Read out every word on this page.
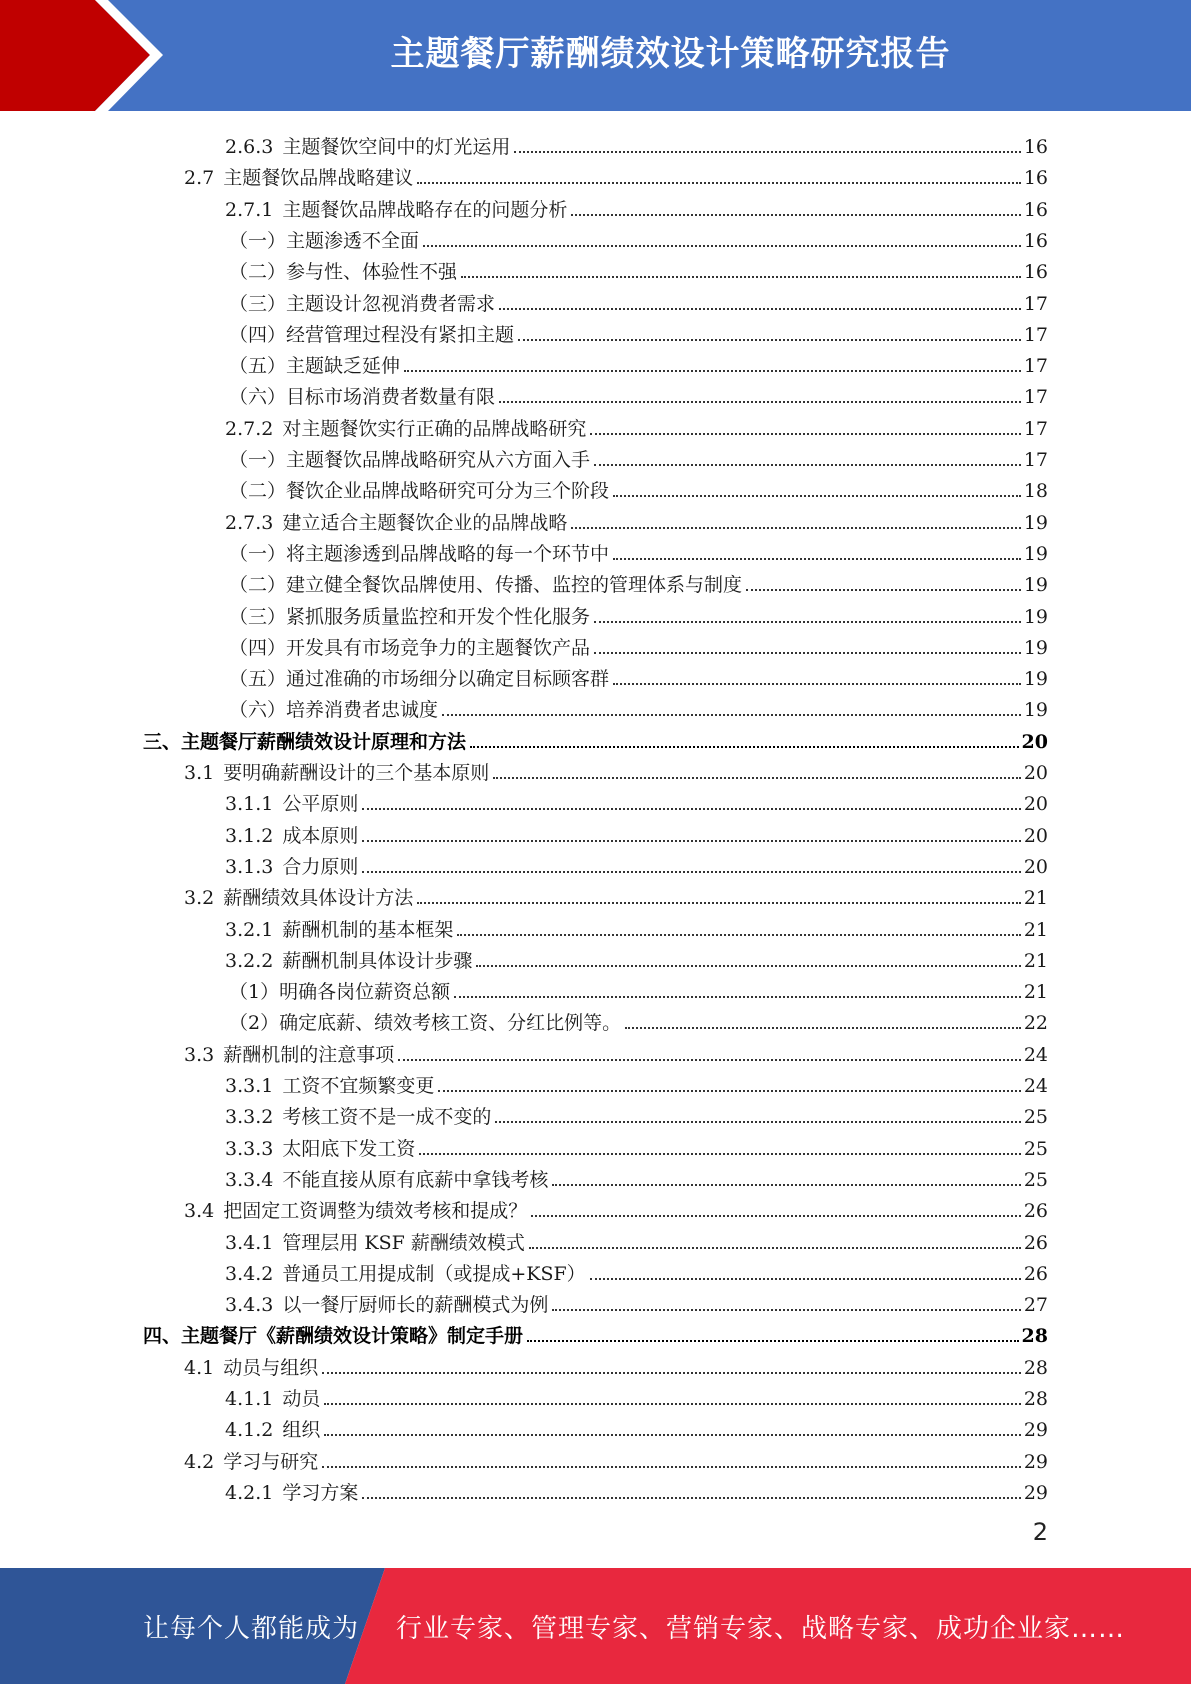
主题餐厅薪酬绩效设计策略研究报告
2.6.3 主题餐饮空间中的灯光运用	16
2.7 主题餐饮品牌战略建议	16
2.7.1 主题餐饮品牌战略存在的问题分析	16
（一）主题渗透不全面	16
（二）参与性、体验性不强	16
（三）主题设计忽视消费者需求	17
（四）经营管理过程没有紧扣主题	17
（五）主题缺乏延伸	17
（六）目标市场消费者数量有限	17
2.7.2 对主题餐饮实行正确的品牌战略研究	17
（一）主题餐饮品牌战略研究从六方面入手	17
（二）餐饮企业品牌战略研究可分为三个阶段	18
2.7.3 建立适合主题餐饮企业的品牌战略	19
（一）将主题渗透到品牌战略的每一个环节中	19
（二）建立健全餐饮品牌使用、传播、监控的管理体系与制度	19
（三）紧抓服务质量监控和开发个性化服务	19
（四）开发具有市场竞争力的主题餐饮产品	19
（五）通过准确的市场细分以确定目标顾客群	19
（六）培养消费者忠诚度	19
三、主题餐厅薪酬绩效设计原理和方法	20
3.1 要明确薪酬设计的三个基本原则	20
3.1.1 公平原则	20
3.1.2 成本原则	20
3.1.3 合力原则	20
3.2 薪酬绩效具体设计方法	21
3.2.1 薪酬机制的基本框架	21
3.2.2 薪酬机制具体设计步骤	21
（1）明确各岗位薪资总额	21
（2）确定底薪、绩效考核工资、分红比例等。	22
3.3 薪酬机制的注意事项	24
3.3.1 工资不宜频繁变更	24
3.3.2 考核工资不是一成不变的	25
3.3.3 太阳底下发工资	25
3.3.4 不能直接从原有底薪中拿钱考核	25
3.4 把固定工资调整为绩效考核和提成？	26
3.4.1 管理层用 KSF 薪酬绩效模式	26
3.4.2 普通员工用提成制（或提成+KSF）	26
3.4.3 以一餐厅厨师长的薪酬模式为例	27
四、主题餐厅《薪酬绩效设计策略》制定手册	28
4.1 动员与组织	28
4.1.1 动员	28
4.1.2 组织	29
4.2 学习与研究	29
4.2.1 学习方案	29
2
让每个人都能成为 行业专家、管理专家、营销专家、战略专家、成功企业家……
